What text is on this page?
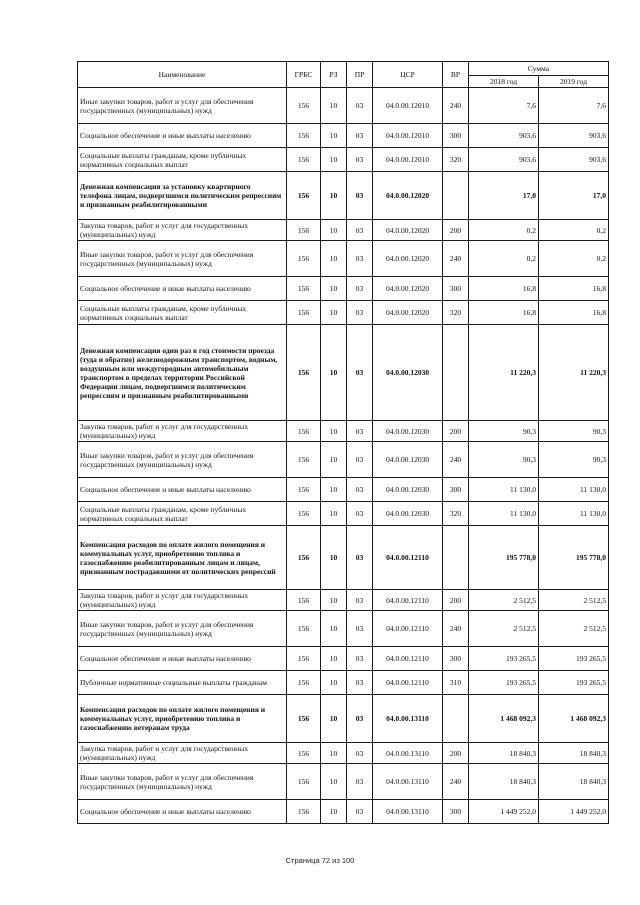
Наименование	ГРБС	РЗ	ПР	ЦСР	ВР	Сумма	
						2018 год	2019 год
Иные закупки товаров, работ и услуг для обеспечения государственных (муниципальных) нужд	156	10	03	04.0.00.12010	240	7,6	7,6
Социальное обеспечение и иные выплаты населению	156	10	03	04.0.00.12010	300	903,6	903,6
Социальные выплаты гражданам, кроме публичных нормативных социальных выплат	156	10	03	04.0.00.12010	320	903,6	903,6
Денежная компенсация за установку квартирного телефона лицам, подвергшимся политическим репрессиям и признанным реабилитированными	156	10	03	04.0.00.12020		17,0	17,0
Закупка товаров, работ и услуг для государственных (муниципальных) нужд	156	10	03	04.0.00.12020	200	0,2	0,2
Иные закупки товаров, работ и услуг для обеспечения государственных (муниципальных) нужд	156	10	03	04.0.00.12020	240	0,2	0,2
Социальное обеспечение и иные выплаты населению	156	10	03	04.0.00.12020	300	16,8	16,8
Социальные выплаты гражданам, кроме публичных нормативных социальных выплат	156	10	03	04.0.00.12020	320	16,8	16,8
Денежная компенсация один раз в год стоимости проезда (туда и обратно) железнодорожным транспортом, водным, воздушным или междугородным автомобильным транспортом в пределах территории Российской Федерации лицам, подвергшимся политическим репрессиям и признанным реабилитированными	156	10	03	04.0.00.12030		11 220,3	11 220,3
Закупка товаров, работ и услуг для государственных (муниципальных) нужд	156	10	03	04.0.00.12030	200	90,3	90,3
Иные закупки товаров, работ и услуг для обеспечения государственных (муниципальных) нужд	156	10	03	04.0.00.12030	240	90,3	90,3
Социальное обеспечение и иные выплаты населению	156	10	03	04.0.00.12030	300	11 130,0	11 130,0
Социальные выплаты гражданам, кроме публичных нормативных социальных выплат	156	10	03	04.0.00.12030	320	11 130,0	11 130,0
Компенсация расходов по оплате жилого помещения и коммунальных услуг, приобретению топлива и газоснабжению реабилитированным лицам и лицам, признанным пострадавшими от политических репрессий	156	10	03	04.0.00.12110		195 778,0	195 778,0
Закупка товаров, работ и услуг для государственных (муниципальных) нужд	156	10	03	04.0.00.12110	200	2 512,5	2 512,5
Иные закупки товаров, работ и услуг для обеспечения государственных (муниципальных) нужд	156	10	03	04.0.00.12110	240	2 512,5	2 512,5
Социальное обеспечение и иные выплаты населению	156	10	03	04.0.00.12110	300	193 265,5	193 265,5
Публичные нормативные социальные выплаты гражданам	156	10	03	04.0.00.12110	310	193 265,5	193 265,5
Компенсация расходов по оплате жилого помещения и коммунальных услуг, приобретению топлива и газоснабжению ветеранам труда	156	10	03	04.0.00.13110		1 468 092,3	1 468 092,3
Закупка товаров, работ и услуг для государственных (муниципальных) нужд	156	10	03	04.0.00.13110	200	18 840,3	18 840,3
Иные закупки товаров, работ и услуг для обеспечения государственных (муниципальных) нужд	156	10	03	04.0.00.13110	240	18 840,3	18 840,3
Социальное обеспечение и иные выплаты населению	156	10	03	04.0.00.13110	300	1 449 252,0	1 449 252,0
Страница 72 из 100
